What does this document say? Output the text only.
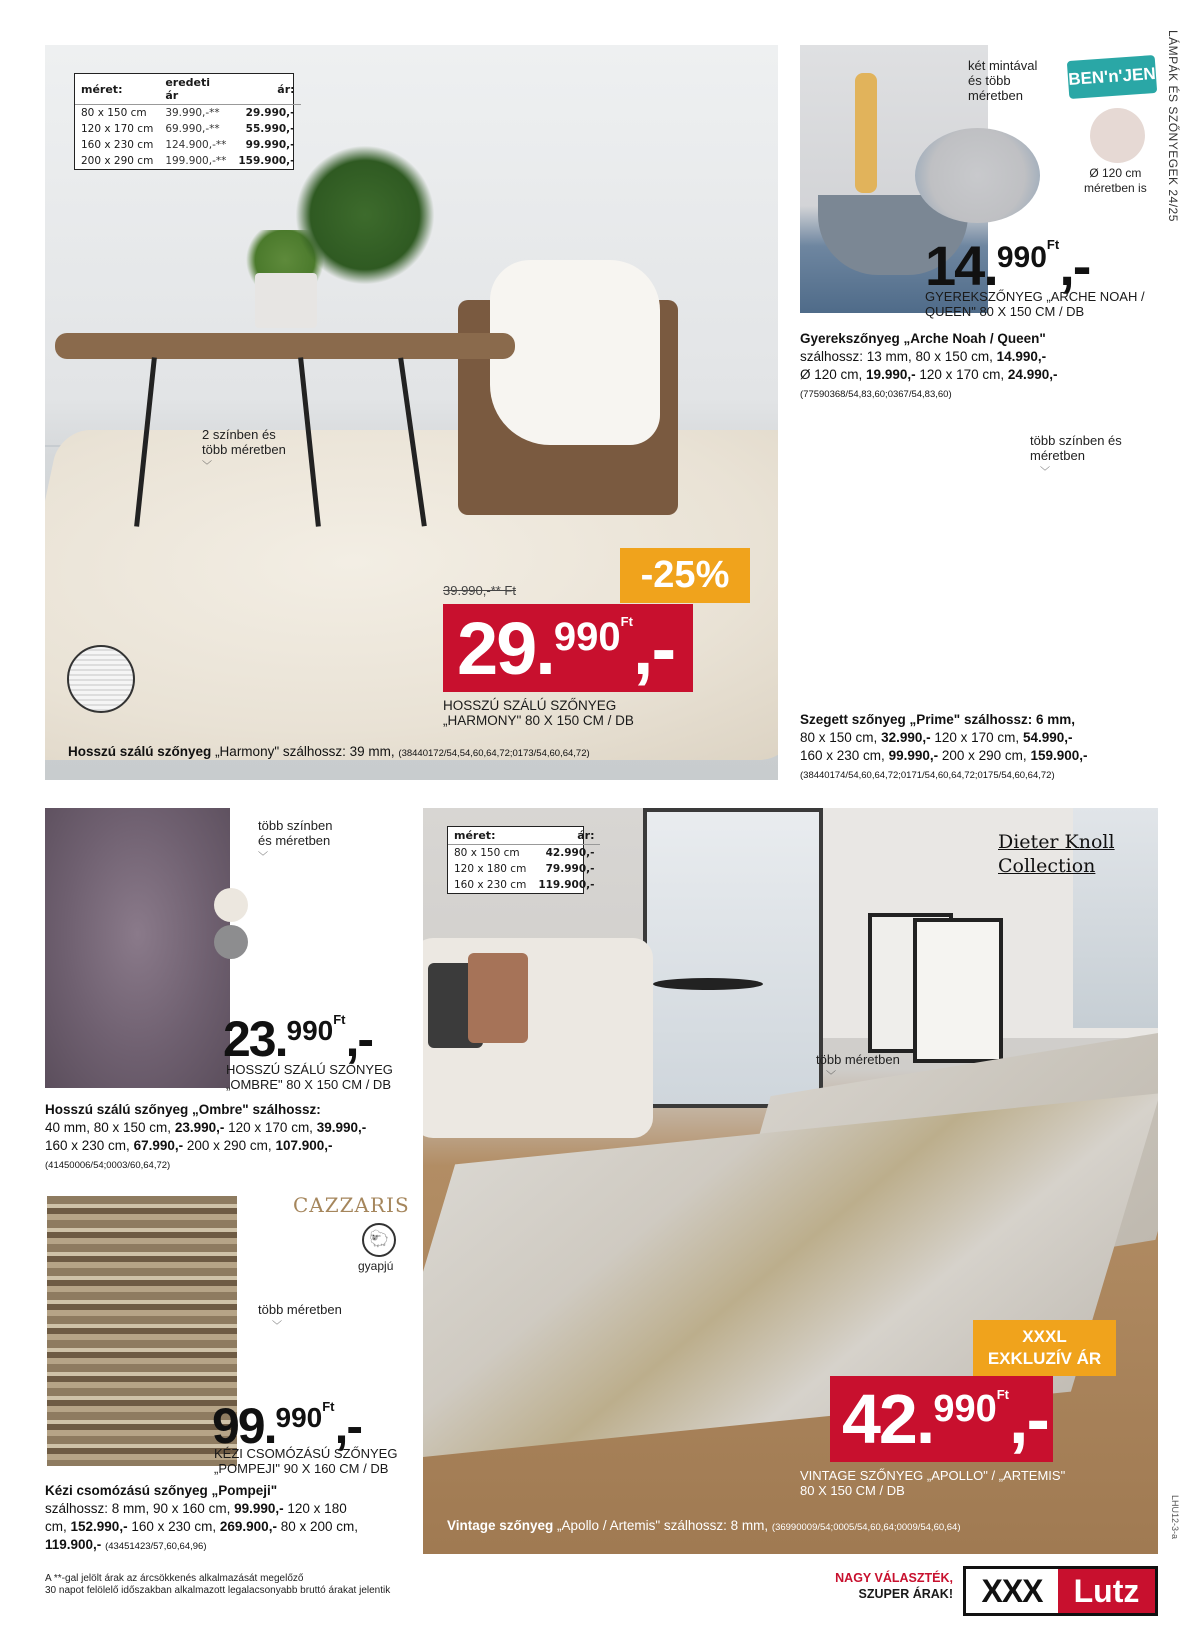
LÁMPÁK ÉS SZŐNYEGEK 24/25
méret:	eredeti ár	ár:
80 x 150 cm	39.990,-**	29.990,-
120 x 170 cm	69.990,-**	55.990,-
160 x 230 cm	124.900,-**	99.990,-
200 x 290 cm	199.900,-**	159.900,-
2 színben és
több méretben
﹀
-25%
39.990,-** Ft
$29.990^{Ft},-$
HOSSZÚ SZÁLÚ SZŐNYEG
„HARMONY" 80 X 150 CM / DB
Hosszú szálú szőnyeg „Harmony" szálhossz: 39 mm, (38440172/54,54,60,64,72;0173/54,60,64,72)
két mintával
és több
méretben
BEN'n'JEN
Ø 120 cm
méretben is
$14.990^{Ft},-$
GYEREKSZŐNYEG „ARCHE NOAH /
QUEEN" 80 X 150 CM / DB
Gyerekszőnyeg „Arche Noah / Queen"
szálhossz: 13 mm, 80 x 150 cm, 14.990,-
Ø 120 cm, 19.990,- 120 x 170 cm, 24.990,-
(77590368/54,83,60;0367/54,83,60)
több színben és
méretben
﹀
Szegett szőnyeg „Prime" szálhossz: 6 mm,
80 x 150 cm, 32.990,- 120 x 170 cm, 54.990,-
160 x 230 cm, 99.990,- 200 x 290 cm, 159.900,-
(38440174/54,60,64,72;0171/54,60,64,72;0175/54,60,64,72)
több színben
és méretben
﹀
$23.990^{Ft},-$
HOSSZÚ SZÁLÚ SZŐNYEG
„OMBRE" 80 X 150 CM / DB
Hosszú szálú szőnyeg „Ombre" szálhossz:
40 mm, 80 x 150 cm, 23.990,- 120 x 170 cm, 39.990,-
160 x 230 cm, 67.990,- 200 x 290 cm, 107.900,-
(41450006/54;0003/60,64,72)
CAZZARIS
🐑
gyapjú
több méretben
﹀
$99.990^{Ft},-$
KÉZI CSOMÓZÁSÚ SZŐNYEG
„POMPEJI" 90 X 160 CM / DB
Kézi csomózású szőnyeg „Pompeji"
szálhossz: 8 mm, 90 x 160 cm, 99.990,- 120 x 180
cm, 152.990,- 160 x 230 cm, 269.900,- 80 x 200 cm,
119.900,- (43451423/57,60,64,96)
méret:	ár:
80 x 150 cm	42.990,-
120 x 180 cm	79.990,-
160 x 230 cm	119.900,-
Dieter Knoll
Collection
több méretben
﹀
XXXL
EXKLUZÍV ÁR
$42.990^{Ft},-$
VINTAGE SZŐNYEG „APOLLO" / „ARTEMIS"
80 X 150 CM / DB
Vintage szőnyeg „Apollo / Artemis" szálhossz: 8 mm, (36990009/54;0005/54,60,64;0009/54,60,64)	LHU12-3-a
A **-gal jelölt árak az árcsökkenés alkalmazását megelőző
30 napot felölelő időszakban alkalmazott legalacsonyabb bruttó árakat jelentik
NAGY VÁLASZTÉK,
SZUPER ÁRAK! XXX Lutz
